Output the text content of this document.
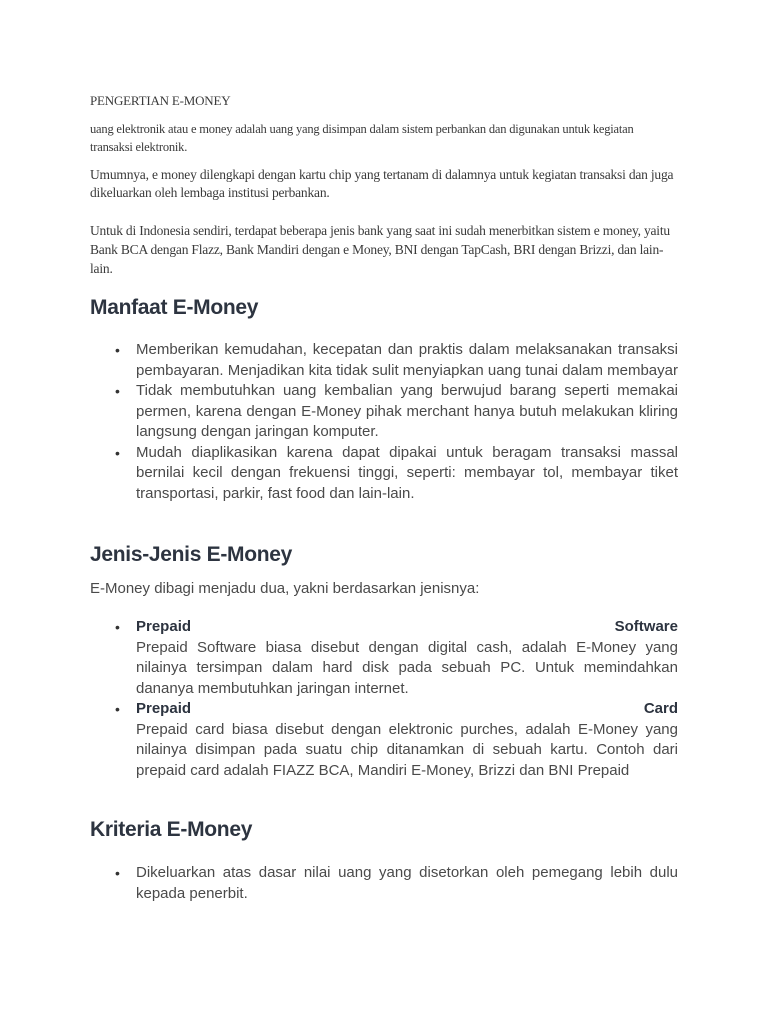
PENGERTIAN E-MONEY

uang elektronik atau e money adalah uang yang disimpan dalam sistem perbankan dan digunakan untuk kegiatan transaksi elektronik.

Umumnya, e money dilengkapi dengan kartu chip yang tertanam di dalamnya untuk kegiatan transaksi dan juga dikeluarkan oleh lembaga institusi perbankan.

Untuk di Indonesia sendiri, terdapat beberapa jenis bank yang saat ini sudah menerbitkan sistem e money, yaitu Bank BCA dengan Flazz, Bank Mandiri dengan e Money, BNI dengan TapCash, BRI dengan Brizzi, dan lain-lain.

Manfaat E-Money
• Memberikan kemudahan, kecepatan dan praktis dalam melaksanakan transaksi pembayaran. Menjadikan kita tidak sulit menyiapkan uang tunai dalam membayar
• Tidak membutuhkan uang kembalian yang berwujud barang seperti memakai permen, karena dengan E-Money pihak merchant hanya butuh melakukan kliring langsung dengan jaringan komputer.
• Mudah diaplikasikan karena dapat dipakai untuk beragam transaksi massal bernilai kecil dengan frekuensi tinggi, seperti: membayar tol, membayar tiket transportasi, parkir, fast food dan lain-lain.
Jenis-Jenis E-Money
E-Money dibagi menjadu dua, yakni berdasarkan jenisnya:
• Prepaid	Software
Prepaid Software biasa disebut dengan digital cash, adalah E-Money yang nilainya tersimpan dalam hard disk pada sebuah PC. Untuk memindahkan dananya membutuhkan jaringan internet.
• Prepaid	Card
Prepaid card biasa disebut dengan elektronic purches, adalah E-Money yang nilainya disimpan pada suatu chip ditanamkan di sebuah kartu. Contoh dari prepaid card adalah FIAZZ BCA, Mandiri E-Money, Brizzi dan BNI Prepaid
Kriteria E-Money
• Dikeluarkan atas dasar nilai uang yang disetorkan oleh pemegang lebih dulu kepada penerbit.
